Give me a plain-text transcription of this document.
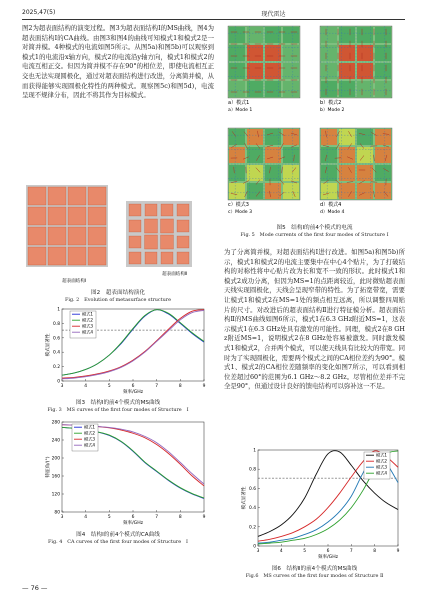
2025,47(5)	现代雷达

图2为超表面结构的演变过程。图3为超表面结构Ⅰ的MS曲线，图4为超表面结构Ⅰ的CA曲线。由图3和图4的曲线可知模式1和模式2是一对简并模。4种模式的电流如图5所示。从图5a)和图5b)可以观察到模式1的电流沿x轴方向，模式2的电流沿y轴方向，模式1和模式2的电流互相正交。但因为简并模不存在90°的相位差，即使电流相互正交也无法实现圆极化，通过对超表面结构进行改进，分离简并模，从而获得能够实现圆极化特性的两种模式。观察图5c)和图5d)，电流呈现不规律分布，因此不将其作为目标模式。

超表面结构Ⅰ
超表面结构Ⅱ
图2　超表面结构演化
Fig. 2　Evolution of metasurface structure
3	4	5	6	7	8	9
0
0.2
0.4
0.6
0.8
1
频率/GHz
模式显著性
模式1
模式2
模式3
模式4
图3　结构Ⅰ的前4个模式的MS曲线
Fig. 3　MS curves of the first four modes of Structure　Ⅰ
3	4	5	6	7	8	9
80
120
160
200
240
280
频率/GHz
特征角/(°)
模式1
模式2
模式3
模式4
图4　结构Ⅰ的前4个模式的CA曲线
Fig. 4　CA curves of the first four modes of Structure　Ⅰ
a）模式1
a）Mode 1
b）模式2
b）Mode 2
c）模式3
c）Mode 3
d）模式4
d）Mode 4
图5　结构Ⅰ的前4个模式的电流
Fig. 5　Mode currents of the first four modes of Structure Ⅰ

为了分离简并模，对超表面结构Ⅰ进行改进。如图5a)和图5b)所示，模式1和模式2的电流主要集中在中心4个贴片，为了打破结构的对称性将中心贴片改为长和宽不一致的形状。此时模式1和模式2成功分离，但因为MS=1的点距离较近，此时微贴超表面天线实现圆极化，天线会呈现窄带的特性。为了拓宽带宽，需要让模式1和模式2在MS=1处的频点相互远离，所以调整四周贴片的尺寸。对改进后的超表面结构Ⅱ进行特征模分析。超表面结构Ⅱ的MS曲线如图6所示，模式1在6.3 GHz附近MS=1，这表示模式1在6.3 GHz处具有激发的可能性。同理，模式2在8 GHz附近MS=1，说明模式2在8 GHz处容易被激发。同时激发模式1和模式2，合并两个模式，可以使天线具有比较大的带宽。同时为了实现圆极化，需要两个模式之间的CA相位差约为90°。模式1、模式2的CA相位差随频率的变化如图7所示，可以看到相位差超过60°的范围为6.1 GHz～8.2 GHz。尽管相位差并不完全是90°，但通过设计良好的馈电结构可以弥补这一不足。

3	4	5	6	7	8	9
0
0.2
0.4
0.6
0.8
1
频率/GHz
模式显著性
模式1
模式2
模式3
模式4
图6　结构Ⅱ的前4个模式的MS曲线
Fig.6　MS curves of the first four modes of Structure Ⅱ
— 76 —
